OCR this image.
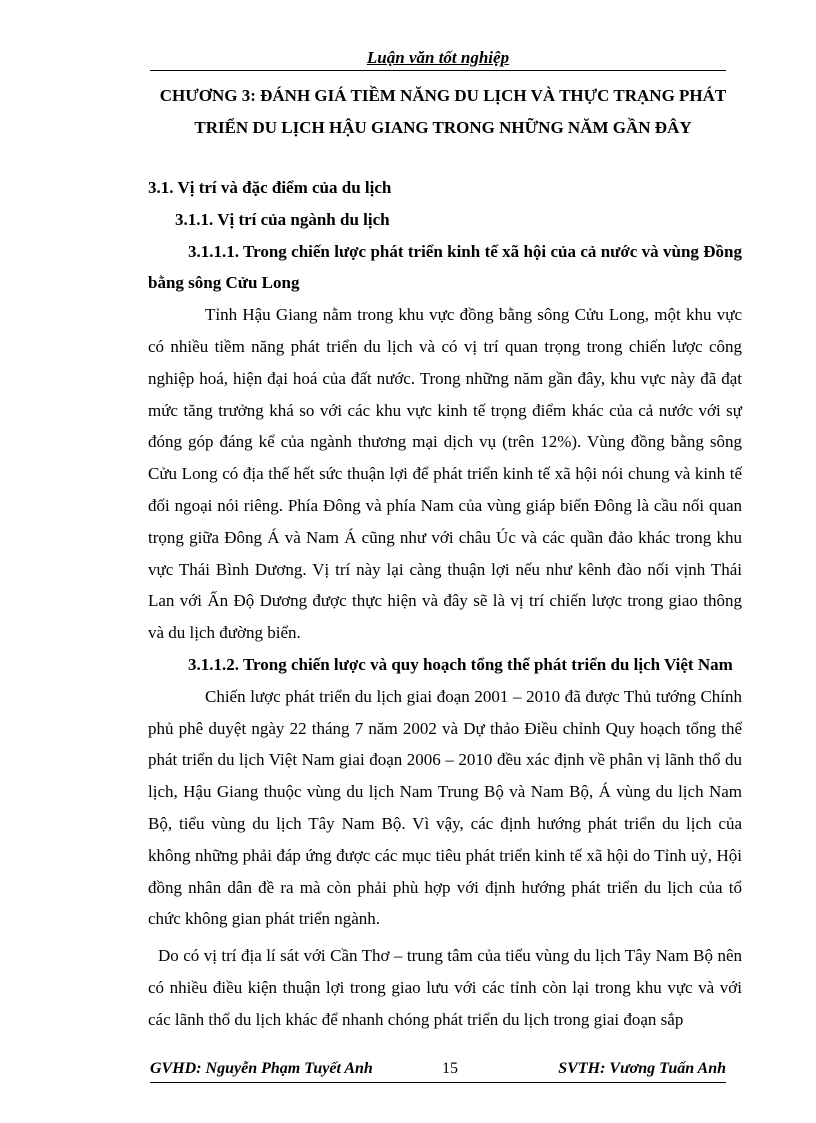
Luận văn tốt nghiệp
CHƯƠNG 3: ĐÁNH GIÁ TIỀM NĂNG DU LỊCH VÀ THỰC TRẠNG PHÁT
TRIỂN DU LỊCH HẬU GIANG TRONG NHỮNG NĂM GẦN ĐÂY
3.1. Vị trí và đặc điểm của du lịch
3.1.1. Vị trí của ngành du lịch
3.1.1.1. Trong chiến lược phát triển kinh tế xã hội của cả nước và vùng Đồng bằng sông Cửu Long
Tỉnh Hậu Giang nằm trong khu vực đồng bằng sông Cửu Long, một khu vực có nhiều tiềm năng phát triển du lịch và có vị trí quan trọng trong chiến lược công nghiệp hoá, hiện đại hoá của đất nước. Trong những năm gần đây, khu vực này đã đạt mức tăng trưởng khá so với các khu vực kinh tế trọng điểm khác của cả nước với sự đóng góp đáng kể của ngành thương mại dịch vụ (trên 12%). Vùng đồng bằng sông Cửu Long có địa thế hết sức thuận lợi để phát triển kinh tế xã hội nói chung và kinh tế đối ngoại nói riêng. Phía Đông và phía Nam của vùng giáp biển Đông là cầu nối quan trọng giữa Đông Á và Nam Á cũng như với châu Úc và các quần đảo khác trong khu vực Thái Bình Dương. Vị trí này lại càng thuận lợi nếu như kênh đào nối vịnh Thái Lan với Ấn Độ Dương được thực hiện và đây sẽ là vị trí chiến lược trong giao thông và du lịch đường biển.
3.1.1.2. Trong chiến lược và quy hoạch tổng thể phát triển du lịch Việt Nam
Chiến lược phát triển du lịch giai đoạn 2001 – 2010 đã được Thủ tướng Chính phủ phê duyệt ngày 22 tháng 7 năm 2002 và Dự thảo Điều chỉnh Quy hoạch tổng thể phát triển du lịch Việt Nam giai đoạn 2006 – 2010 đều xác định về phân vị lãnh thổ du lịch, Hậu Giang thuộc vùng du lịch Nam Trung Bộ và Nam Bộ, Á vùng du lịch Nam Bộ, tiểu vùng du lịch Tây Nam Bộ. Vì vậy, các định hướng phát triển du lịch của không những phải đáp ứng được các mục tiêu phát triển kinh tế xã hội do Tỉnh uỷ, Hội đồng nhân dân đề ra mà còn phải phù hợp với định hướng phát triển du lịch của tổ chức không gian phát triển ngành.
Do có vị trí địa lí sát với Cần Thơ – trung tâm của tiểu vùng du lịch Tây Nam Bộ nên có nhiều điều kiện thuận lợi trong giao lưu với các tỉnh còn lại trong khu vực và với các lãnh thổ du lịch khác để nhanh chóng phát triển du lịch trong giai đoạn sắp
GVHD: Nguyễn Phạm Tuyết Anh	15	SVTH: Vương Tuấn Anh
